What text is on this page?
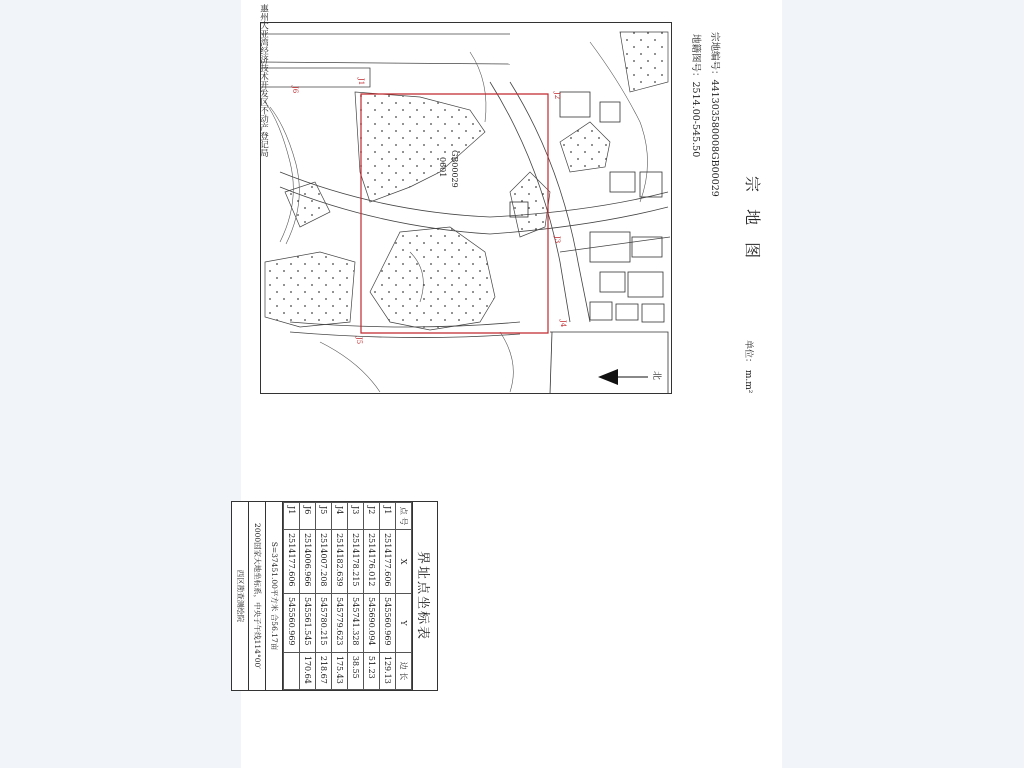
惠州大亚湾经济技术开发区不动产登记局
宗 地 图
宗地编号：441303580008GB00029
地籍图号：2514.00-545.50
单位： m.m²
北
GB00029
0601
J1
J5
J3
J4
J2
J6
界址点坐标表
点 号	X	Y	边 长
J1	2514177.606	545560.969	129.13
J2	2514176.012	545690.094	51.23
J3	2514178.215	545741.328	38.55
J4	2514182.639	545779.623	175.43
J5	2514007.208	545780.215	218.67
J6	2514006.966	545561.545	170.64
J1	2514177.606	545560.969	
S=37451.00平方米 合56.17亩
2000国家大地坐标系，中央子午线114°00′
西区勘查测绘院
